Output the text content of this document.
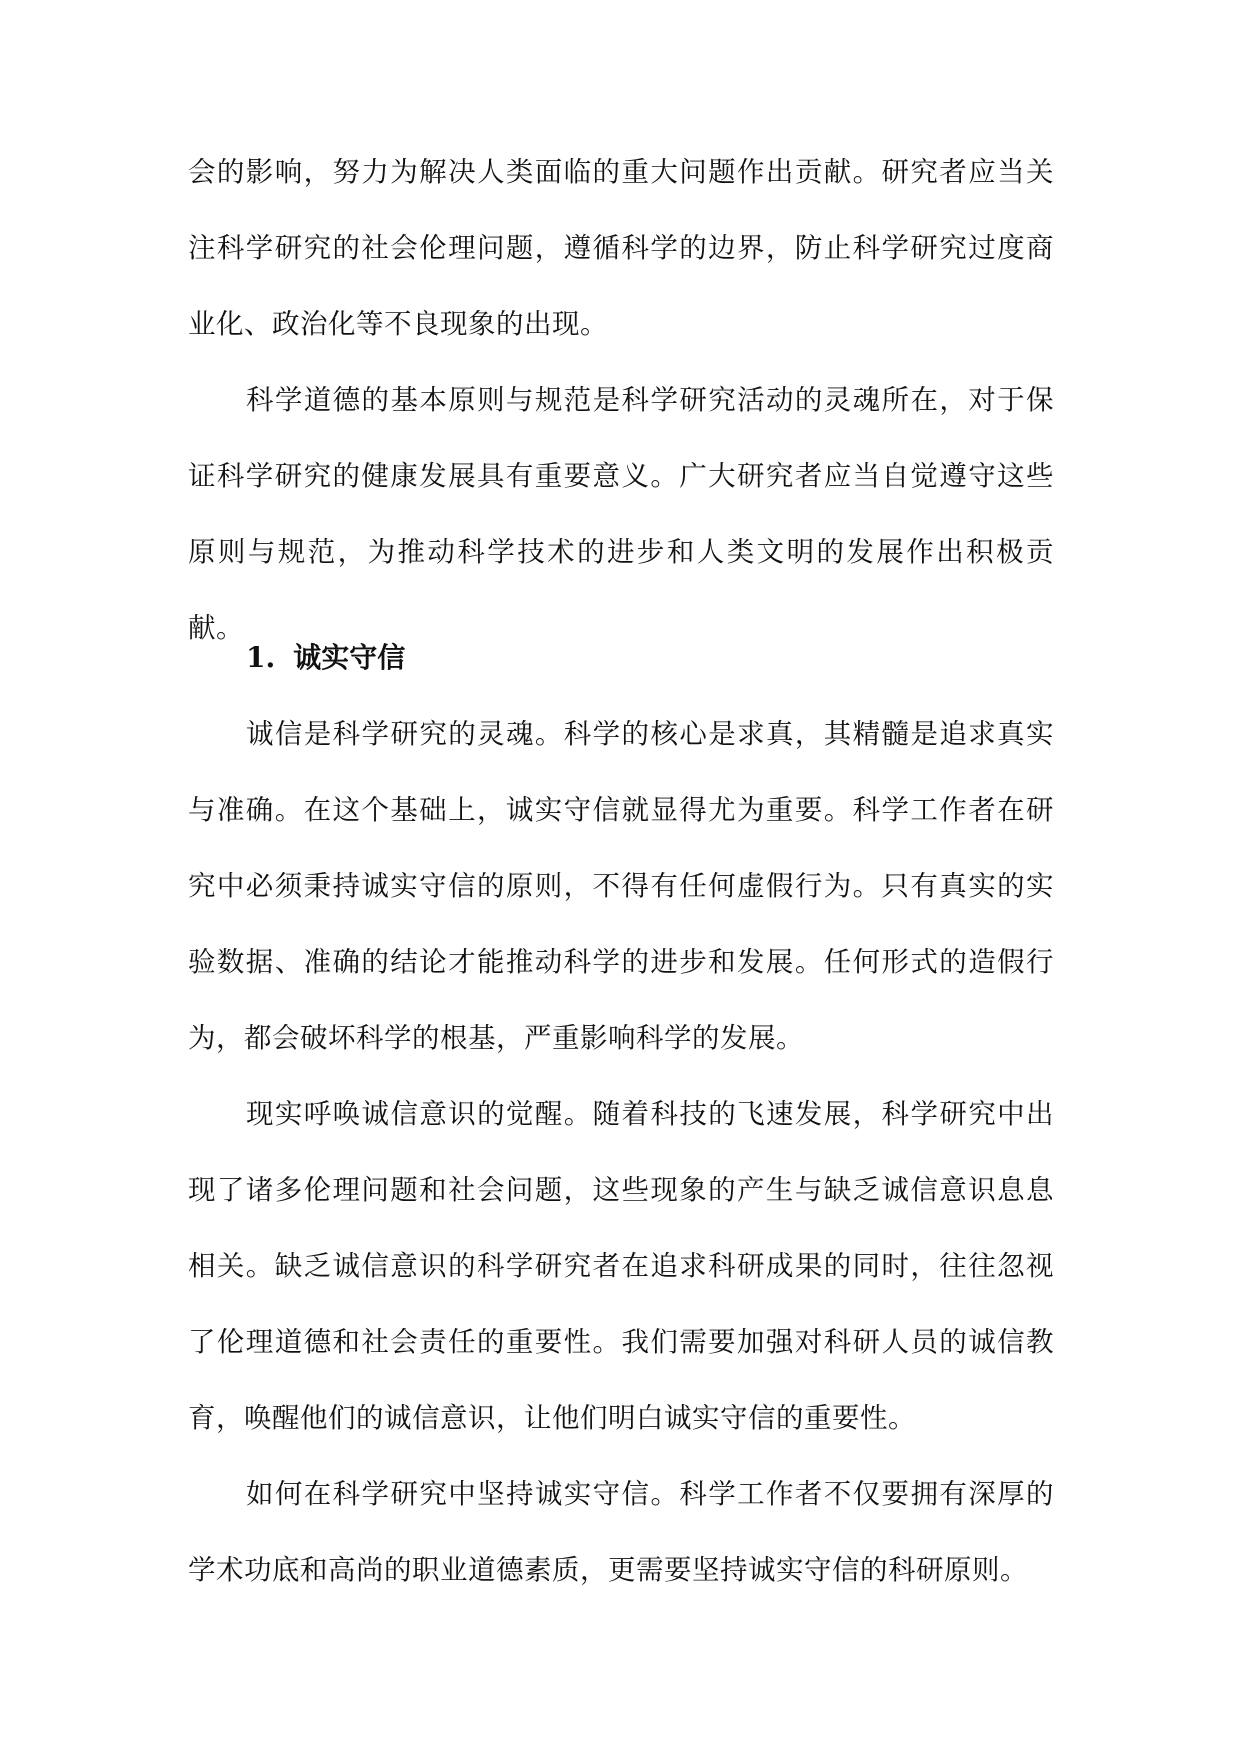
会的影响，努力为解决人类面临的重大问题作出贡献。研究者应当关注科学研究的社会伦理问题，遵循科学的边界，防止科学研究过度商业化、政治化等不良现象的出现。

科学道德的基本原则与规范是科学研究活动的灵魂所在，对于保证科学研究的健康发展具有重要意义。广大研究者应当自觉遵守这些原则与规范，为推动科学技术的进步和人类文明的发展作出积极贡献。

1. 诚实守信

诚信是科学研究的灵魂。科学的核心是求真，其精髓是追求真实与准确。在这个基础上，诚实守信就显得尤为重要。科学工作者在研究中必须秉持诚实守信的原则，不得有任何虚假行为。只有真实的实验数据、准确的结论才能推动科学的进步和发展。任何形式的造假行为，都会破坏科学的根基，严重影响科学的发展。

现实呼唤诚信意识的觉醒。随着科技的飞速发展，科学研究中出现了诸多伦理问题和社会问题，这些现象的产生与缺乏诚信意识息息相关。缺乏诚信意识的科学研究者在追求科研成果的同时，往往忽视了伦理道德和社会责任的重要性。我们需要加强对科研人员的诚信教育，唤醒他们的诚信意识，让他们明白诚实守信的重要性。

如何在科学研究中坚持诚实守信。科学工作者不仅要拥有深厚的学术功底和高尚的职业道德素质，更需要坚持诚实守信的科研原则。
